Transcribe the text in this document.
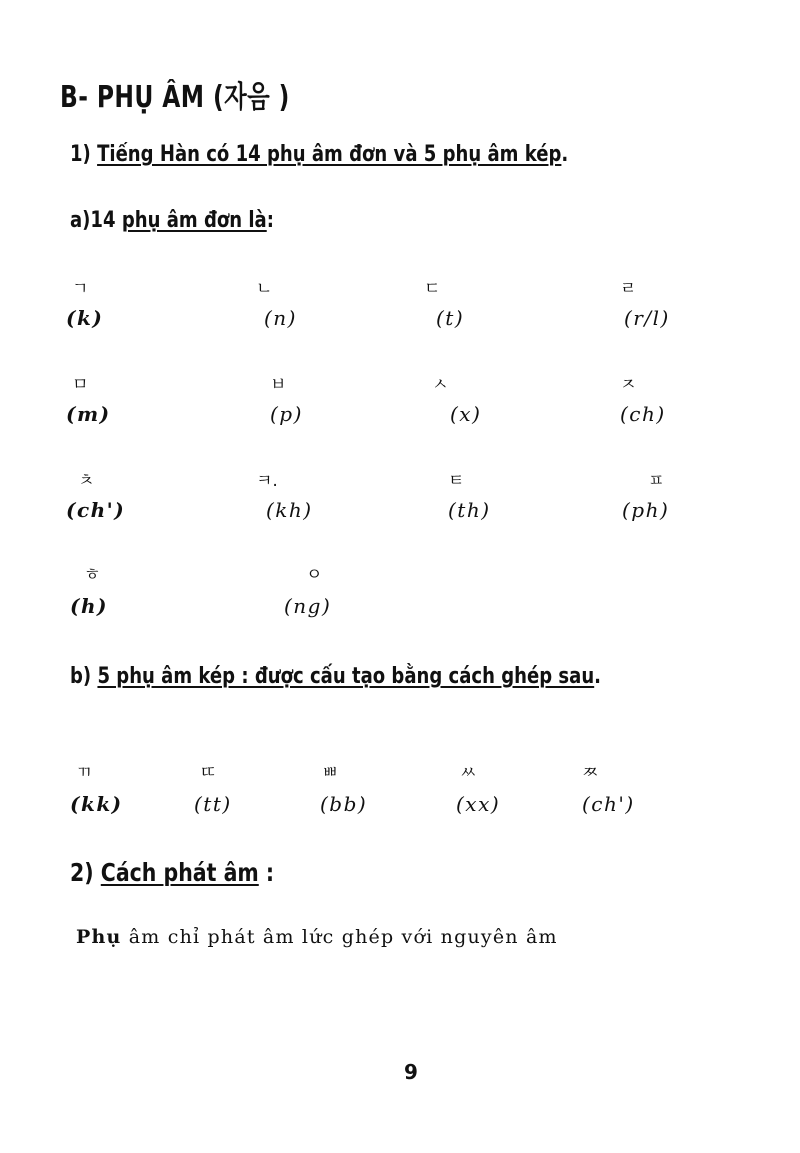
B- PHỤ ÂM (자음 )
1) Tiếng Hàn có 14 phụ âm đơn và 5 phụ âm kép.
a)14 phụ âm đơn là:
ㄱ
(k)
ㄴ
(n)
ㄷ
(t)
ㄹ
(r/l)
ㅁ
(m)
ㅂ
(p)
ㅅ
(x)
ㅈ
(ch)
ㅊ
(ch')
ㅋ.
(kh)
ㅌ
(th)
ㅍ
(ph)
ㅎ
(h)
ㅇ
(ng)
b) 5 phụ âm kép : được cấu tạo bằng cách ghép sau.
ㄲ
(kk)
ㄸ
(tt)
ㅃ
(bb)
ㅆ
(xx)
ㅉ
(ch')
2) Cách phát âm :
Phụ âm chỉ phát âm lức ghép với nguyên âm
9
